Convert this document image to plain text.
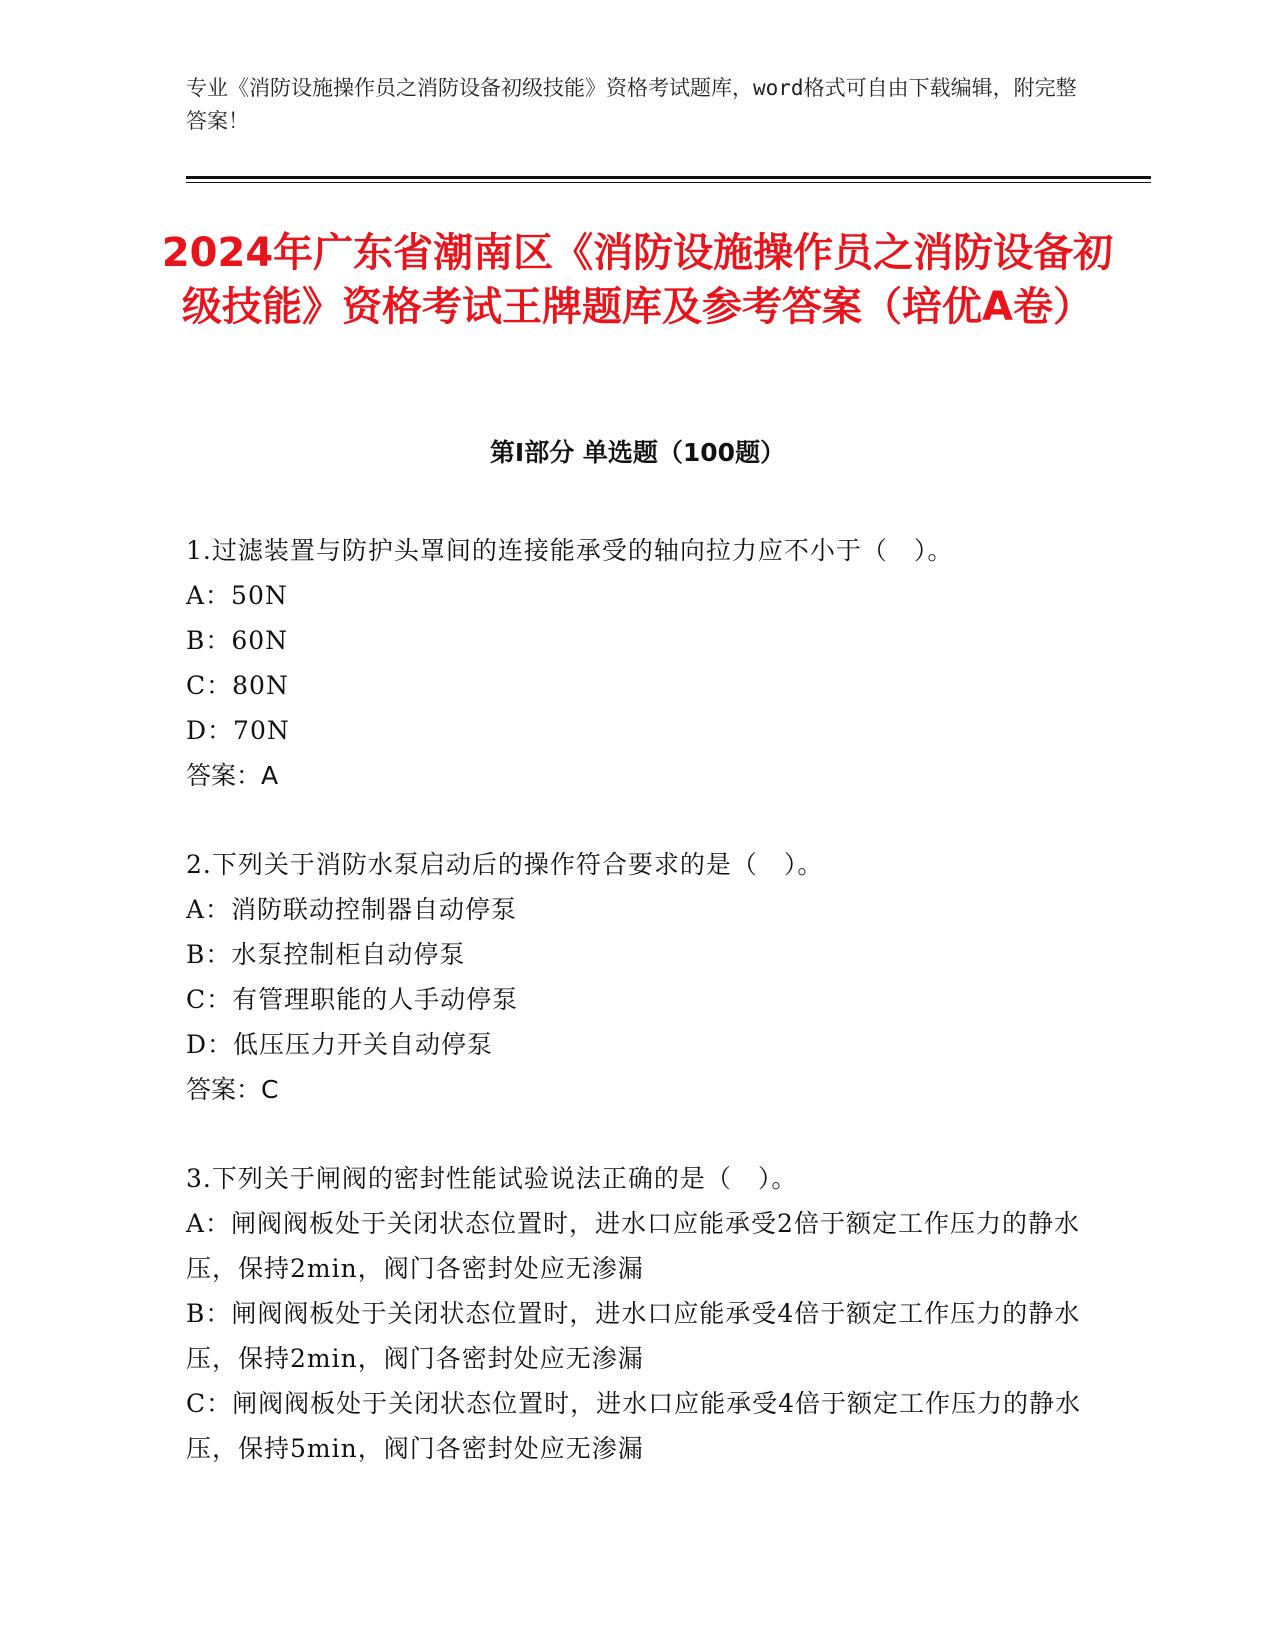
专业《消防设施操作员之消防设备初级技能》资格考试题库，word格式可自由下载编辑，附完整答案！
2024年广东省潮南区《消防设施操作员之消防设备初级技能》资格考试王牌题库及参考答案（培优A卷）
第Ⅰ部分 单选题（100题）
1.过滤装置与防护头罩间的连接能承受的轴向拉力应不小于（　）。
A：50N
B：60N
C：80N
D：70N
答案：A
2.下列关于消防水泵启动后的操作符合要求的是（　）。
A：消防联动控制器自动停泵
B：水泵控制柜自动停泵
C：有管理职能的人手动停泵
D：低压压力开关自动停泵
答案：C
3.下列关于闸阀的密封性能试验说法正确的是（　）。
A：闸阀阀板处于关闭状态位置时，进水口应能承受2倍于额定工作压力的静水压，保持2min，阀门各密封处应无渗漏
B：闸阀阀板处于关闭状态位置时，进水口应能承受4倍于额定工作压力的静水压，保持2min，阀门各密封处应无渗漏
C：闸阀阀板处于关闭状态位置时，进水口应能承受4倍于额定工作压力的静水压，保持5min，阀门各密封处应无渗漏
